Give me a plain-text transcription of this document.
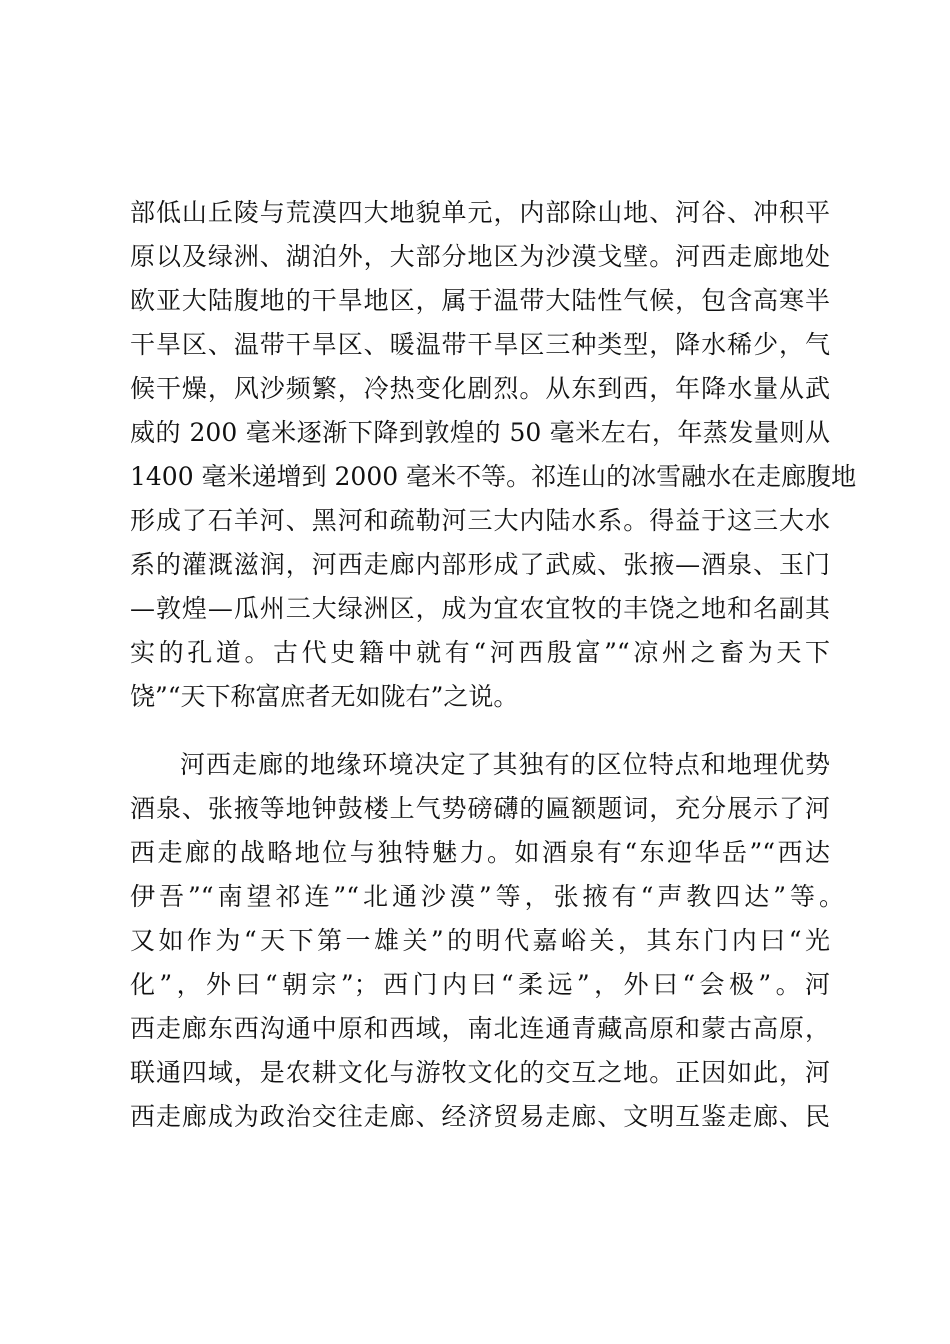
部低山丘陵与荒漠四大地貌单元，内部除山地、河谷、冲积平
原以及绿洲、湖泊外，大部分地区为沙漠戈壁。河西走廊地处
欧亚大陆腹地的干旱地区，属于温带大陆性气候，包含高寒半
干旱区、温带干旱区、暖温带干旱区三种类型，降水稀少，气
候干燥，风沙频繁，冷热变化剧烈。从东到西，年降水量从武
威的 200 毫米逐渐下降到敦煌的 50 毫米左右，年蒸发量则从
1400 毫米递增到 2000 毫米不等。祁连山的冰雪融水在走廊腹地
形成了石羊河、黑河和疏勒河三大内陆水系。得益于这三大水
系的灌溉滋润，河西走廊内部形成了武威、张掖—酒泉、玉门
—敦煌—瓜州三大绿洲区，成为宜农宜牧的丰饶之地和名副其
实的孔道。古代史籍中就有“河西殷富”“凉州之畜为天下
饶”“天下称富庶者无如陇右”之说。
河西走廊的地缘环境决定了其独有的区位特点和地理优势
酒泉、张掖等地钟鼓楼上气势磅礴的匾额题词，充分展示了河
西走廊的战略地位与独特魅力。如酒泉有“东迎华岳”“西达
伊吾”“南望祁连”“北通沙漠”等，张掖有“声教四达”等。
又如作为“天下第一雄关”的明代嘉峪关，其东门内曰“光
化”，外曰“朝宗”；西门内曰“柔远”，外曰“会极”。河
西走廊东西沟通中原和西域，南北连通青藏高原和蒙古高原，
联通四域，是农耕文化与游牧文化的交互之地。正因如此，河
西走廊成为政治交往走廊、经济贸易走廊、文明互鉴走廊、民
